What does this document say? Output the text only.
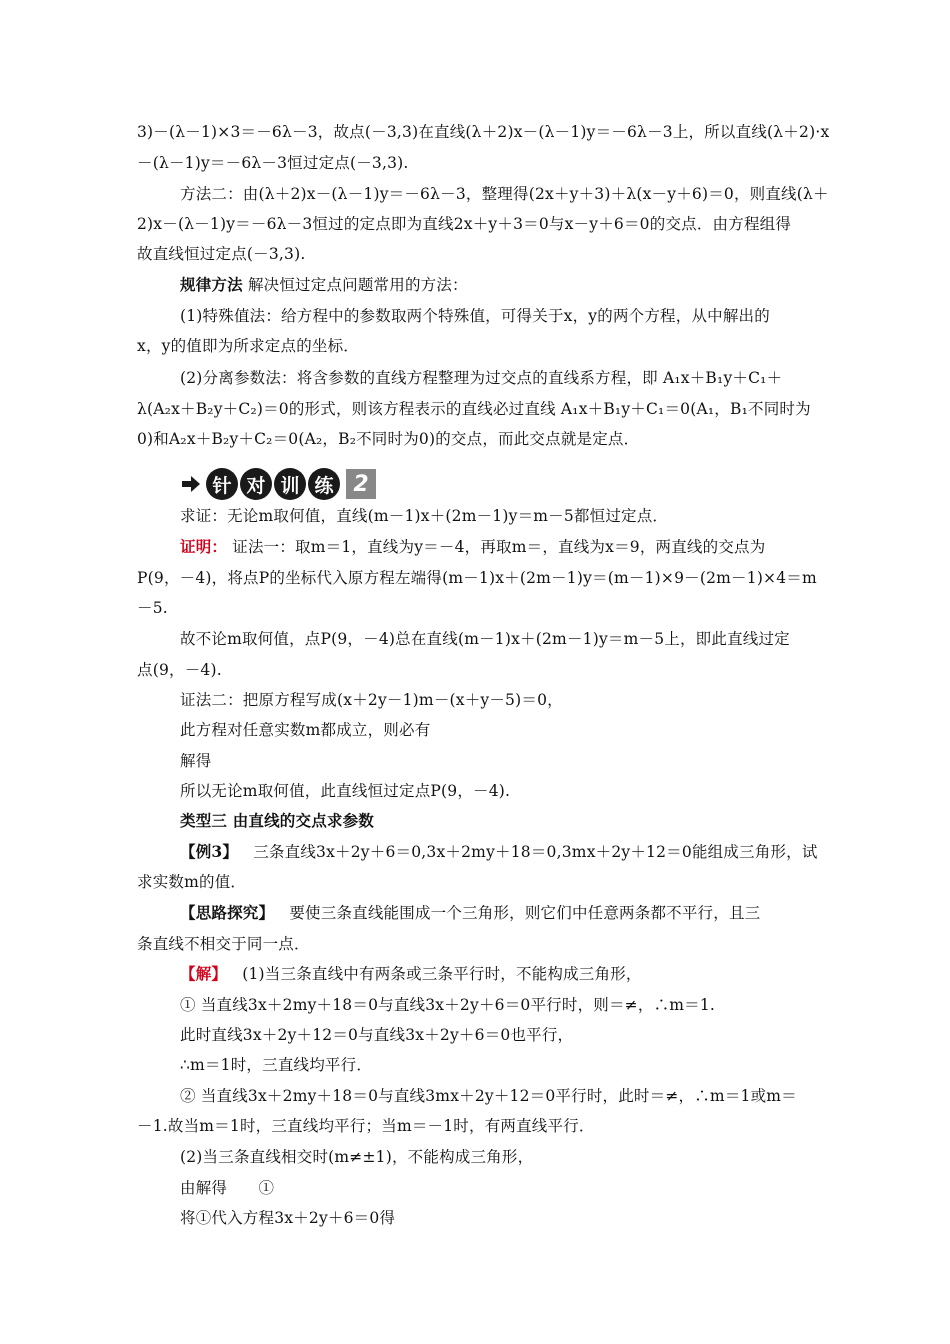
3)－(λ－1)×3＝－6λ－3，故点(－3,3)在直线(λ＋2)x－(λ－1)y＝－6λ－3上，所以直线(λ＋2)·x
－(λ－1)y＝－6λ－3恒过定点(－3,3).
方法二：由(λ＋2)x－(λ－1)y＝－6λ－3，整理得(2x＋y＋3)＋λ(x－y＋6)＝0，则直线(λ＋
2)x－(λ－1)y＝－6λ－3恒过的定点即为直线2x＋y＋3＝0与x－y＋6＝0的交点．由方程组得
故直线恒过定点(－3,3).
规律方法 解决恒过定点问题常用的方法：
(1)特殊值法：给方程中的参数取两个特殊值，可得关于x，y的两个方程，从中解出的
x，y的值即为所求定点的坐标．
(2)分离参数法：将含参数的直线方程整理为过交点的直线系方程，即 A₁x＋B₁y＋C₁＋
λ(A₂x＋B₂y＋C₂)＝0的形式，则该方程表示的直线必过直线 A₁x＋B₁y＋C₁＝0(A₁，B₁不同时为
0)和A₂x＋B₂y＋C₂＝0(A₂，B₂不同时为0)的交点，而此交点就是定点．
针 对 训 练 2
求证：无论m取何值，直线(m－1)x＋(2m－1)y＝m－5都恒过定点．
证明： 证法一：取m＝1，直线为y＝－4，再取m＝，直线为x＝9，两直线的交点为
P(9，－4)，将点P的坐标代入原方程左端得(m－1)x＋(2m－1)y＝(m－1)×9－(2m－1)×4＝m
－5.
故不论m取何值，点P(9，－4)总在直线(m－1)x＋(2m－1)y＝m－5上，即此直线过定
点(9，－4).
证法二：把原方程写成(x＋2y－1)m－(x＋y－5)＝0，
此方程对任意实数m都成立，则必有
解得
所以无论m取何值，此直线恒过定点P(9，－4).
类型三 由直线的交点求参数
【例3】 三条直线3x＋2y＋6＝0,3x＋2my＋18＝0,3mx＋2y＋12＝0能组成三角形，试
求实数m的值．
【思路探究】 要使三条直线能围成一个三角形，则它们中任意两条都不平行，且三
条直线不相交于同一点．
【解】 (1)当三条直线中有两条或三条平行时，不能构成三角形，
① 当直线3x＋2my＋18＝0与直线3x＋2y＋6＝0平行时，则＝≠，∴m＝1.
此时直线3x＋2y＋12＝0与直线3x＋2y＋6＝0也平行，
∴m＝1时，三直线均平行．
② 当直线3x＋2my＋18＝0与直线3mx＋2y＋12＝0平行时，此时＝≠，∴m＝1或m＝
－1.故当m＝1时，三直线均平行；当m＝－1时，有两直线平行．
(2)当三条直线相交时(m≠±1)，不能构成三角形，
由解得　　①
将①代入方程3x＋2y＋6＝0得
